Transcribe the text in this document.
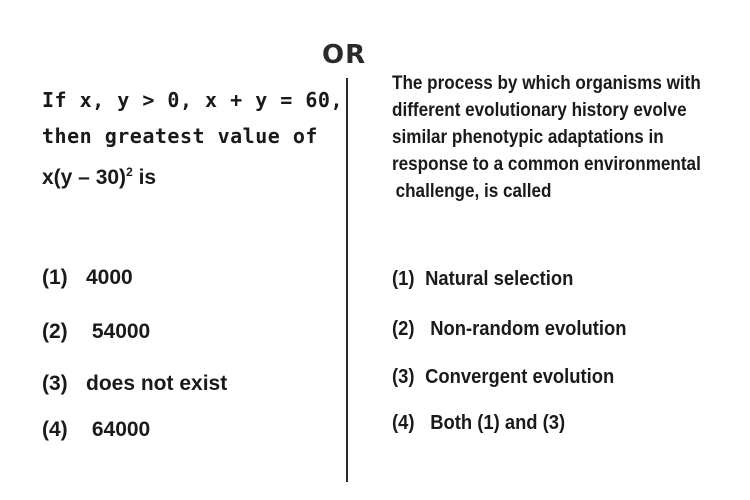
OR
If x, y > 0, x + y = 60,
then greatest value of
x(y – 30)$^2$ is
(1) 4000
(2) 54000
(3) does not exist
(4) 64000
The process by which organisms with
different evolutionary history evolve
similar phenotypic adaptations in
response to a common environmental
challenge, is called
(1) Natural selection
(2) Non-random evolution
(3) Convergent evolution
(4) Both (1) and (3)
